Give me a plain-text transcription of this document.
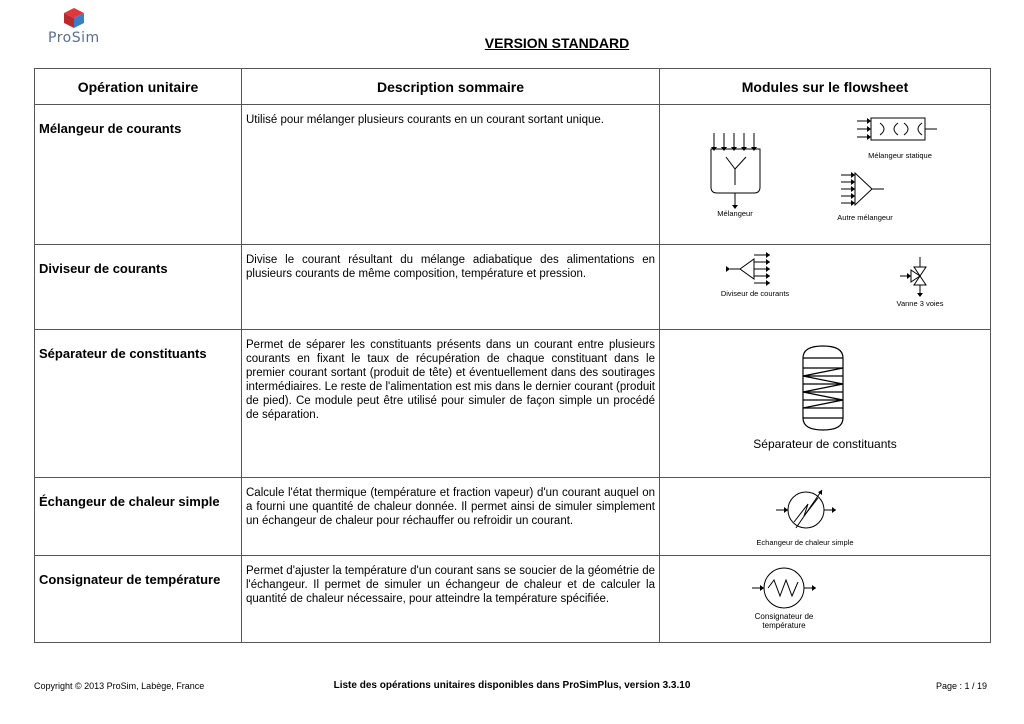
ProSim	VERSION STANDARD
Opération unitaire	Description sommaire	Modules sur le flowsheet

Mélangeur de courants	Utilisé pour mélanger plusieurs courants en un courant sortant unique.	Mélangeur statique
Mélangeur Autre mélangeur

Diviseur de courants	Divise le courant résultant du mélange adiabatique des alimentations en plusieurs courants de même composition, température et pression.	Diviseur de courants
Vanne 3 voies

Séparateur de constituants	Permet de séparer les constituants présents dans un courant entre plusieurs courants en fixant le taux de récupération de chaque constituant dans le premier courant sortant (produit de tête) et éventuellement dans des soutirages intermédiaires. Le reste de l'alimentation est mis dans le dernier courant (produit de pied). Ce module peut être utilisé pour simuler de façon simple un procédé de séparation.	Séparateur de constituants

Échangeur de chaleur simple	Calcule l'état thermique (température et fraction vapeur) d'un courant auquel on a fourni une quantité de chaleur donnée. Il permet ainsi de simuler simplement un échangeur de chaleur pour réchauffer ou refroidir un courant.	Echangeur de chaleur simple

Consignateur de température	Permet d'ajuster la température d'un courant sans se soucier de la géométrie de l'échangeur. Il permet de simuler un échangeur de chaleur et de calculer la quantité de chaleur nécessaire, pour atteindre la température spécifiée.	Consignateur de
température
Copyright © 2013 ProSim, Labège, France	Liste des opérations unitaires disponibles dans ProSimPlus, version 3.3.10	Page : 1 / 19
